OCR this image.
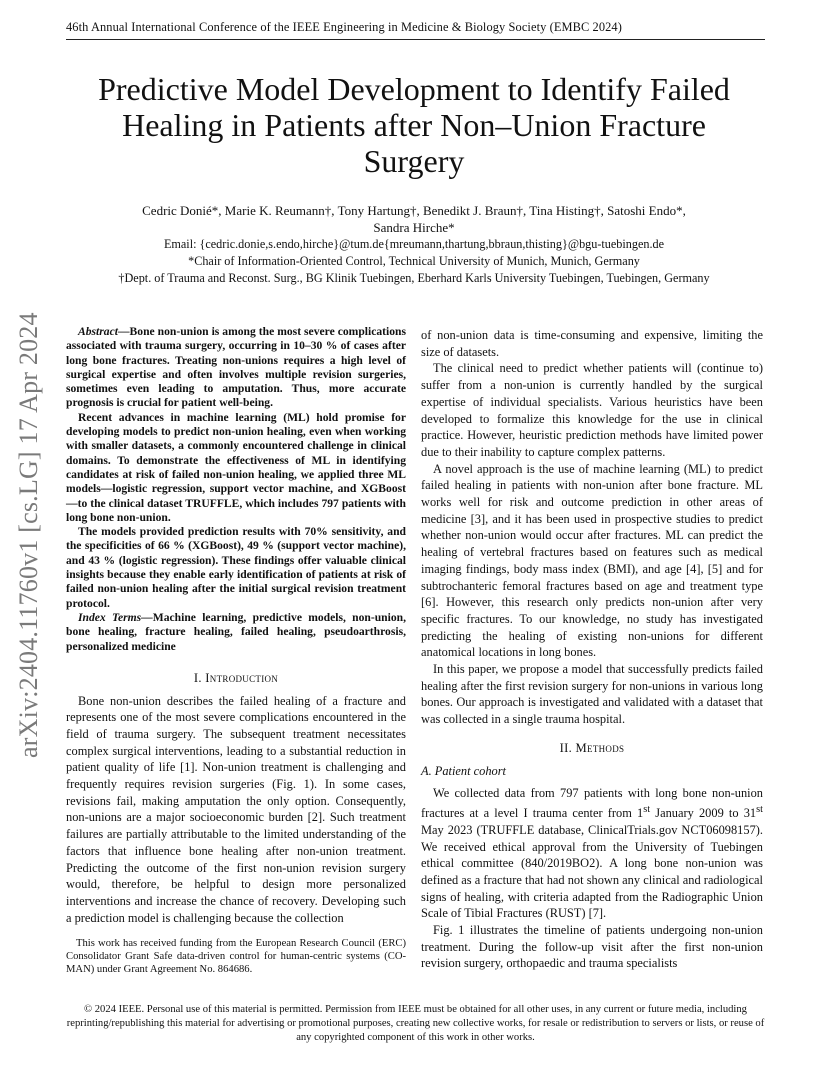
46th Annual International Conference of the IEEE Engineering in Medicine & Biology Society (EMBC 2024)
arXiv:2404.11760v1 [cs.LG] 17 Apr 2024
Predictive Model Development to Identify Failed Healing in Patients after Non–Union Fracture Surgery
Cedric Donié*, Marie K. Reumann†, Tony Hartung†, Benedikt J. Braun†, Tina Histing†, Satoshi Endo*,
Sandra Hirche*
Email: {cedric.donie,s.endo,hirche}@tum.de{mreumann,thartung,bbraun,thisting}@bgu-tuebingen.de
*Chair of Information-Oriented Control, Technical University of Munich, Munich, Germany
†Dept. of Trauma and Reconst. Surg., BG Klinik Tuebingen, Eberhard Karls University Tuebingen, Tuebingen, Germany

Abstract—Bone non-union is among the most severe complications associated with trauma surgery, occurring in 10–30 % of cases after long bone fractures. Treating non-unions requires a high level of surgical expertise and often involves multiple revision surgeries, sometimes even leading to amputation. Thus, more accurate prognosis is crucial for patient well-being.

Recent advances in machine learning (ML) hold promise for developing models to predict non-union healing, even when working with smaller datasets, a commonly encountered challenge in clinical domains. To demonstrate the effectiveness of ML in identifying candidates at risk of failed non-union healing, we applied three ML models—logistic regression, support vector machine, and XGBoost—to the clinical dataset TRUFFLE, which includes 797 patients with long bone non-union.

The models provided prediction results with 70% sensitivity, and the specificities of 66 % (XGBoost), 49 % (support vector machine), and 43 % (logistic regression). These findings offer valuable clinical insights because they enable early identification of patients at risk of failed non-union healing after the initial surgical revision treatment protocol.

Index Terms—Machine learning, predictive models, non-union, bone healing, fracture healing, failed healing, pseudoarthrosis, personalized medicine

I. Introduction

Bone non-union describes the failed healing of a fracture and represents one of the most severe complications encountered in the field of trauma surgery. The subsequent treatment necessitates complex surgical interventions, leading to a substantial reduction in patient quality of life [1]. Non-union treatment is challenging and frequently requires revision surgeries (Fig. 1). In some cases, revisions fail, making amputation the only option. Consequently, non-unions are a major socioeconomic burden [2]. Such treatment failures are partially attributable to the limited understanding of the factors that influence bone healing after non-union treatment. Predicting the outcome of the first non-union revision surgery would, therefore, be helpful to design more personalized interventions and increase the chance of recovery. Developing such a prediction model is challenging because the collection

of non-union data is time-consuming and expensive, limiting the size of datasets.

The clinical need to predict whether patients will (continue to) suffer from a non-union is currently handled by the surgical expertise of individual specialists. Various heuristics have been developed to formalize this knowledge for the use in clinical practice. However, heuristic prediction methods have limited power due to their inability to capture complex patterns.

A novel approach is the use of machine learning (ML) to predict failed healing in patients with non-union after bone fracture. ML works well for risk and outcome prediction in other areas of medicine [3], and it has been used in prospective studies to predict whether non-union would occur after fractures. ML can predict the healing of vertebral fractures based on features such as medical imaging findings, body mass index (BMI), and age [4], [5] and for subtrochanteric femoral fractures based on age and treatment type [6]. However, this research only predicts non-union after very specific fractures. To our knowledge, no study has investigated predicting the healing of existing non-unions for different anatomical locations in long bones.

In this paper, we propose a model that successfully predicts failed healing after the first revision surgery for non-unions in various long bones. Our approach is investigated and validated with a dataset that was collected in a single trauma hospital.

II. Methods
A. Patient cohort

We collected data from 797 patients with long bone non-union fractures at a level I trauma center from 1st January 2009 to 31st May 2023 (TRUFFLE database, ClinicalTrials.gov NCT06098157). We received ethical approval from the University of Tuebingen ethical committee (840/2019BO2). A long bone non-union was defined as a fracture that had not shown any clinical and radiological signs of healing, with criteria adapted from the Radiographic Union Scale of Tibial Fractures (RUST) [7].

Fig. 1 illustrates the timeline of patients undergoing non-union treatment. During the follow-up visit after the first non-union revision surgery, orthopaedic and trauma specialists

This work has received funding from the European Research Council (ERC) Consolidator Grant Safe data-driven control for human-centric systems (CO-MAN) under Grant Agreement No. 864686.
© 2024 IEEE. Personal use of this material is permitted. Permission from IEEE must be obtained for all other uses, in any current or future media, including reprinting/republishing this material for advertising or promotional purposes, creating new collective works, for resale or redistribution to servers or lists, or reuse of any copyrighted component of this work in other works.
